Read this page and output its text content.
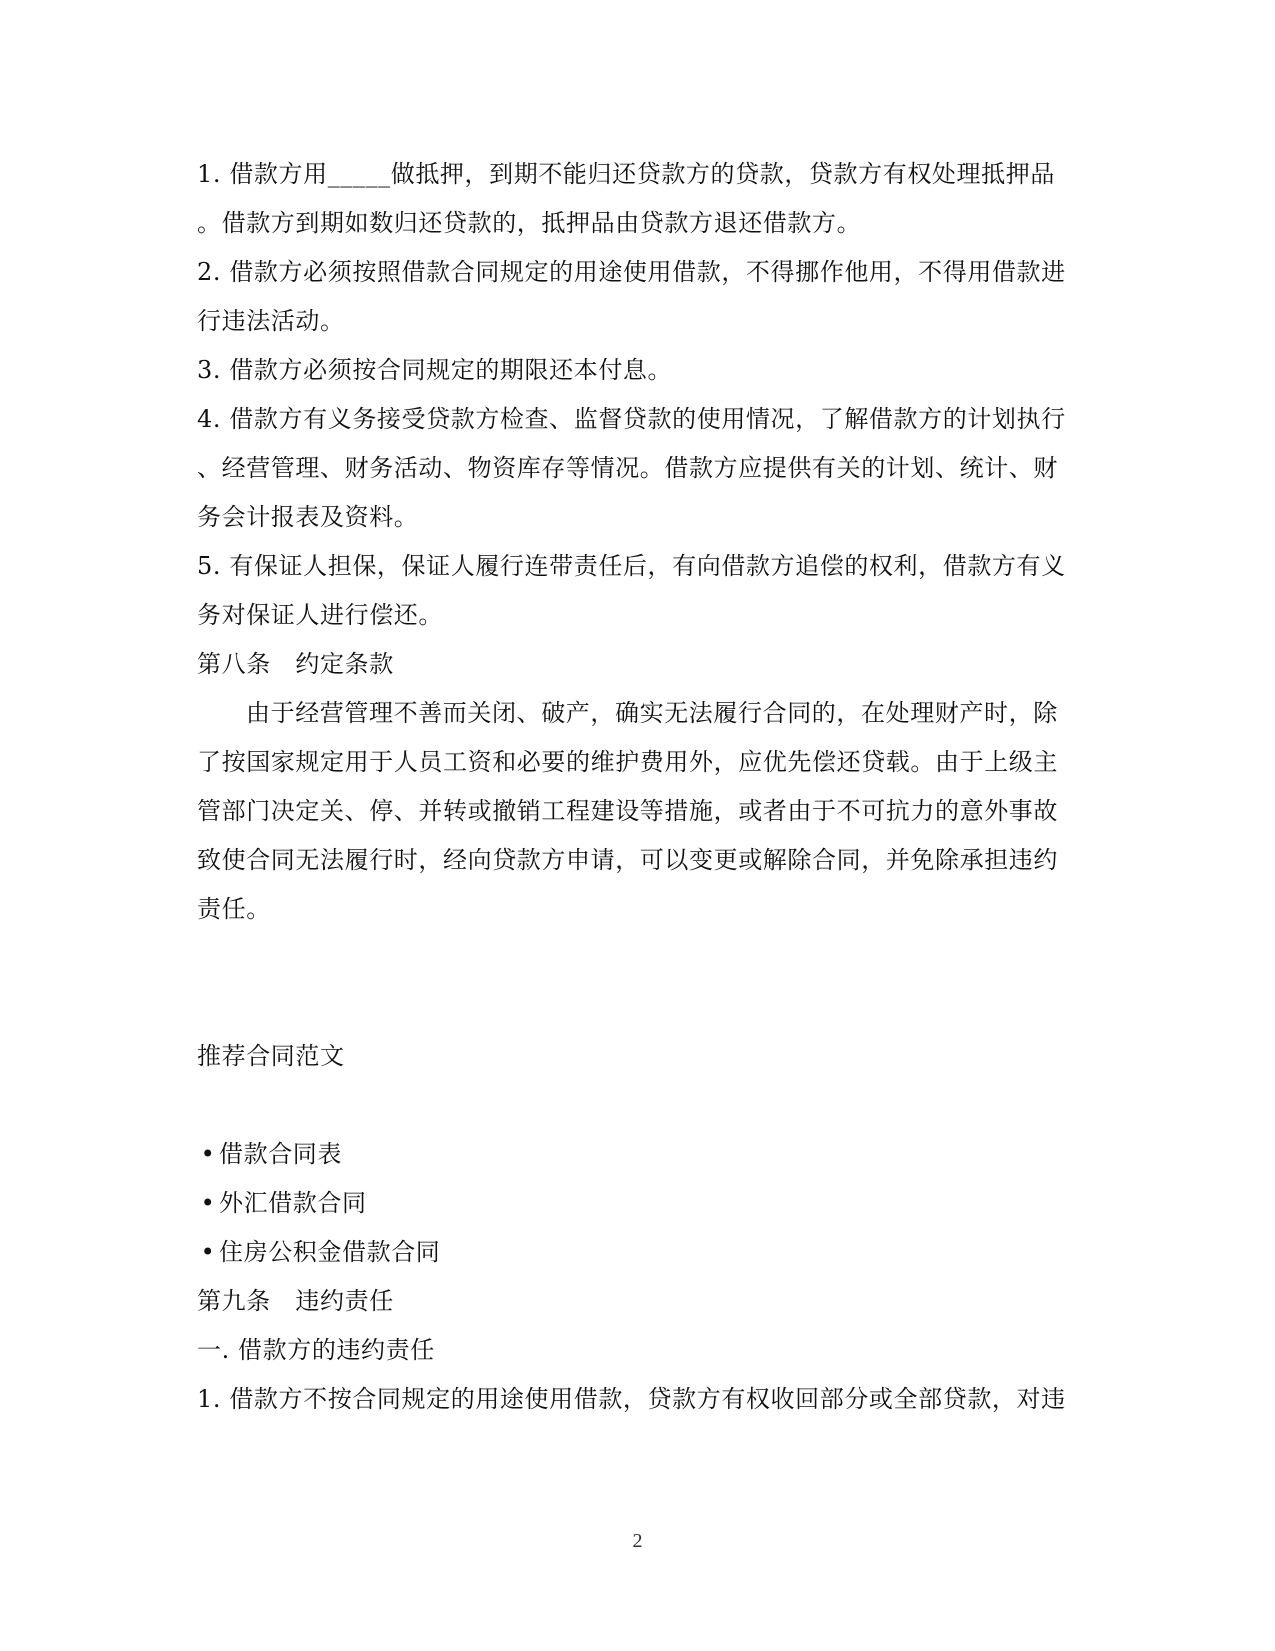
1. 借款方用_____做抵押，到期不能归还贷款方的贷款，贷款方有权处理抵押品
。借款方到期如数归还贷款的，抵押品由贷款方退还借款方。
2. 借款方必须按照借款合同规定的用途使用借款，不得挪作他用，不得用借款进
行违法活动。
3. 借款方必须按合同规定的期限还本付息。
4. 借款方有义务接受贷款方检查、监督贷款的使用情况，了解借款方的计划执行
、经营管理、财务活动、物资库存等情况。借款方应提供有关的计划、统计、财
务会计报表及资料。
5. 有保证人担保，保证人履行连带责任后，有向借款方追偿的权利，借款方有义
务对保证人进行偿还。
第八条　约定条款
由于经营管理不善而关闭、破产，确实无法履行合同的，在处理财产时，除
了按国家规定用于人员工资和必要的维护费用外，应优先偿还贷载。由于上级主
管部门决定关、停、并转或撤销工程建设等措施，或者由于不可抗力的意外事故
致使合同无法履行时，经向贷款方申请，可以变更或解除合同，并免除承担违约
责任。
推荐合同范文
• 借款合同表
• 外汇借款合同
• 住房公积金借款合同
第九条　违约责任
一. 借款方的违约责任
1. 借款方不按合同规定的用途使用借款，贷款方有权收回部分或全部贷款，对违
2
